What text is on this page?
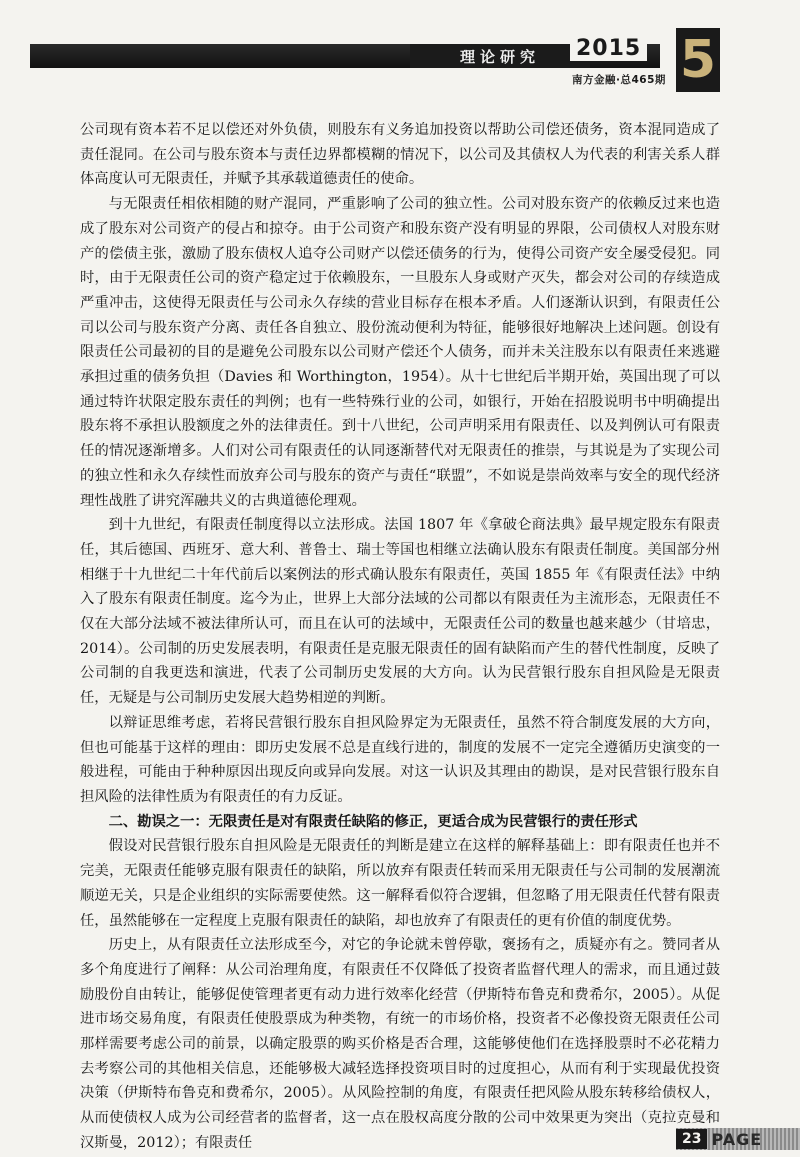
理论研究	2015
南方金融·总465期 5

公司现有资本若不足以偿还对外负债，则股东有义务追加投资以帮助公司偿还债务，资本混同造成了责任混同。在公司与股东资本与责任边界都模糊的情况下，以公司及其债权人为代表的利害关系人群体高度认可无限责任，并赋予其承载道德责任的使命。

与无限责任相依相随的财产混同，严重影响了公司的独立性。公司对股东资产的依赖反过来也造成了股东对公司资产的侵占和掠夺。由于公司资产和股东资产没有明显的界限，公司债权人对股东财产的偿债主张，激励了股东债权人追夺公司财产以偿还债务的行为，使得公司资产安全屡受侵犯。同时，由于无限责任公司的资产稳定过于依赖股东，一旦股东人身或财产灭失，都会对公司的存续造成严重冲击，这使得无限责任与公司永久存续的营业目标存在根本矛盾。人们逐渐认识到，有限责任公司以公司与股东资产分离、责任各自独立、股份流动便利为特征，能够很好地解决上述问题。创设有限责任公司最初的目的是避免公司股东以公司财产偿还个人债务，而并未关注股东以有限责任来逃避承担过重的债务负担（Davies 和 Worthington，1954）。从十七世纪后半期开始，英国出现了可以通过特许状限定股东责任的判例；也有一些特殊行业的公司，如银行，开始在招股说明书中明确提出股东将不承担认股额度之外的法律责任。到十八世纪，公司声明采用有限责任、以及判例认可有限责任的情况逐渐增多。人们对公司有限责任的认同逐渐替代对无限责任的推崇，与其说是为了实现公司的独立性和永久存续性而放弃公司与股东的资产与责任“联盟”，不如说是崇尚效率与安全的现代经济理性战胜了讲究浑融共义的古典道德伦理观。

到十九世纪，有限责任制度得以立法形成。法国 1807 年《拿破仑商法典》最早规定股东有限责任，其后德国、西班牙、意大利、普鲁士、瑞士等国也相继立法确认股东有限责任制度。美国部分州相继于十九世纪二十年代前后以案例法的形式确认股东有限责任，英国 1855 年《有限责任法》中纳入了股东有限责任制度。迄今为止，世界上大部分法域的公司都以有限责任为主流形态，无限责任不仅在大部分法域不被法律所认可，而且在认可的法域中，无限责任公司的数量也越来越少（甘培忠，2014）。公司制的历史发展表明，有限责任是克服无限责任的固有缺陷而产生的替代性制度，反映了公司制的自我更迭和演进，代表了公司制历史发展的大方向。认为民营银行股东自担风险是无限责任，无疑是与公司制历史发展大趋势相逆的判断。

以辩证思维考虑，若将民营银行股东自担风险界定为无限责任，虽然不符合制度发展的大方向，但也可能基于这样的理由：即历史发展不总是直线行进的，制度的发展不一定完全遵循历史演变的一般进程，可能由于种种原因出现反向或异向发展。对这一认识及其理由的勘误，是对民营银行股东自担风险的法律性质为有限责任的有力反证。

二、勘误之一：无限责任是对有限责任缺陷的修正，更适合成为民营银行的责任形式

假设对民营银行股东自担风险是无限责任的判断是建立在这样的解释基础上：即有限责任也并不完美，无限责任能够克服有限责任的缺陷，所以放弃有限责任转而采用无限责任与公司制的发展潮流顺逆无关，只是企业组织的实际需要使然。这一解释看似符合逻辑，但忽略了用无限责任代替有限责任，虽然能够在一定程度上克服有限责任的缺陷，却也放弃了有限责任的更有价值的制度优势。

历史上，从有限责任立法形成至今，对它的争论就未曾停歇，褒扬有之，质疑亦有之。赞同者从多个角度进行了阐释：从公司治理角度，有限责任不仅降低了投资者监督代理人的需求，而且通过鼓励股份自由转让，能够促使管理者更有动力进行效率化经营（伊斯特布鲁克和费希尔，2005）。从促进市场交易角度，有限责任使股票成为种类物，有统一的市场价格，投资者不必像投资无限责任公司那样需要考虑公司的前景，以确定股票的购买价格是否合理，这能够使他们在选择股票时不必花精力去考察公司的其他相关信息，还能够极大减轻选择投资项目时的过度担心，从而有利于实现最优投资决策（伊斯特布鲁克和费希尔，2005）。从风险控制的角度，有限责任把风险从股东转移给债权人，从而使债权人成为公司经营者的监督者，这一点在股权高度分散的公司中效果更为突出（克拉克曼和汉斯曼，2012）；有限责任	23 PAGE
